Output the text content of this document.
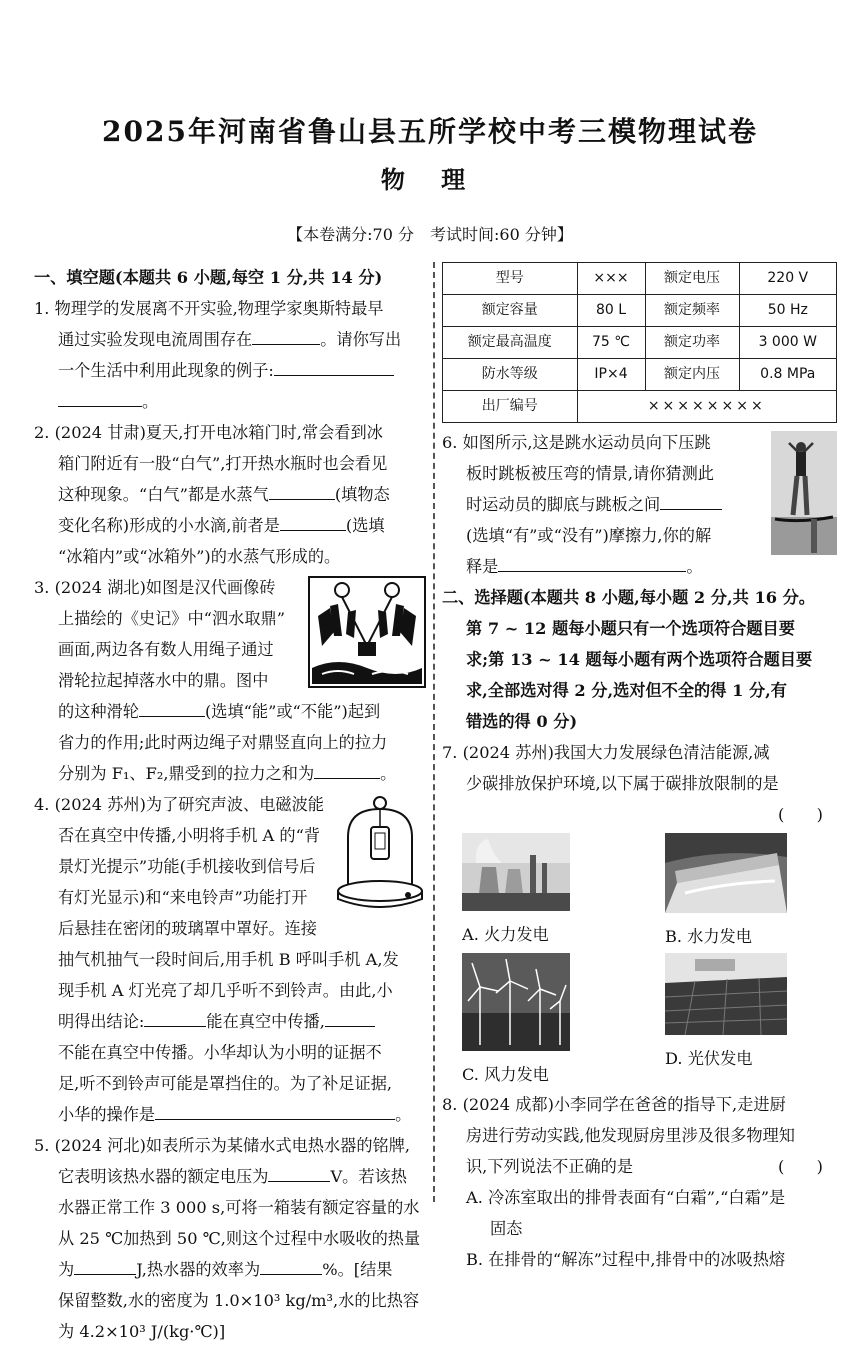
2025年河南省鲁山县五所学校中考三模物理试卷
物 理
【本卷满分:70 分　考试时间:60 分钟】
一、填空题(本题共 6 小题,每空 1 分,共 14 分)
1. 物理学的发展离不开实验,物理学家奥斯特最早
通过实验发现电流周围存在	。请你写出
一个生活中利用此现象的例子:
。
2. (2024 甘肃)夏天,打开电冰箱门时,常会看到冰
箱门附近有一股“白气”,打开热水瓶时也会看见
这种现象。“白气”都是水蒸气	(填物态
变化名称)形成的小水滴,前者是	(选填
“冰箱内”或“冰箱外”)的水蒸气形成的。
3. (2024 湖北)如图是汉代画像砖
上描绘的《史记》中“泗水取鼎”
画面,两边各有数人用绳子通过
滑轮拉起掉落水中的鼎。图中
的这种滑轮	(选填“能”或“不能”)起到
省力的作用;此时两边绳子对鼎竖直向上的拉力
分别为 F₁、F₂,鼎受到的拉力之和为	。
4. (2024 苏州)为了研究声波、电磁波能
否在真空中传播,小明将手机 A 的“背
景灯光提示”功能(手机接收到信号后
有灯光显示)和“来电铃声”功能打开
后悬挂在密闭的玻璃罩中罩好。连接
抽气机抽气一段时间后,用手机 B 呼叫手机 A,发
现手机 A 灯光亮了却几乎听不到铃声。由此,小
明得出结论:	能在真空中传播,
不能在真空中传播。小华却认为小明的证据不
足,听不到铃声可能是罩挡住的。为了补足证据,
小华的操作是	。
5. (2024 河北)如表所示为某储水式电热水器的铭牌,
它表明该热水器的额定电压为	V。若该热
水器正常工作 3 000 s,可将一箱装有额定容量的水
从 25 ℃加热到 50 ℃,则这个过程中水吸收的热量
为	J,热水器的效率为	%。[结果
保留整数,水的密度为 1.0×10³ kg/m³,水的比热容
为 4.2×10³ J/(kg·℃)]
型号	×××	额定电压	220 V
额定容量	80 L	额定频率	50 Hz
额定最高温度	75 ℃	额定功率	3 000 W
防水等级	IP×4	额定内压	0.8 MPa
出厂编号	××××××××		
6. 如图所示,这是跳水运动员向下压跳
板时跳板被压弯的情景,请你猜测此
时运动员的脚底与跳板之间
(选填“有”或“没有”)摩擦力,你的解
释是	。
二、选择题(本题共 8 小题,每小题 2 分,共 16 分。
第 7 ~ 12 题每小题只有一个选项符合题目要
求;第 13 ~ 14 题每小题有两个选项符合题目要
求,全部选对得 2 分,选对但不全的得 1 分,有
错选的得 0 分)
7. (2024 苏州)我国大力发展绿色清洁能源,减
少碳排放保护环境,以下属于碳排放限制的是
(　　)
A. 火力发电	B. 水力发电
C. 风力发电
D. 光伏发电
8. (2024 成都)小李同学在爸爸的指导下,走进厨
房进行劳动实践,他发现厨房里涉及很多物理知
识,下列说法不正确的是	(　　)
A. 冷冻室取出的排骨表面有“白霜”,“白霜”是
固态
B. 在排骨的“解冻”过程中,排骨中的冰吸热熔
